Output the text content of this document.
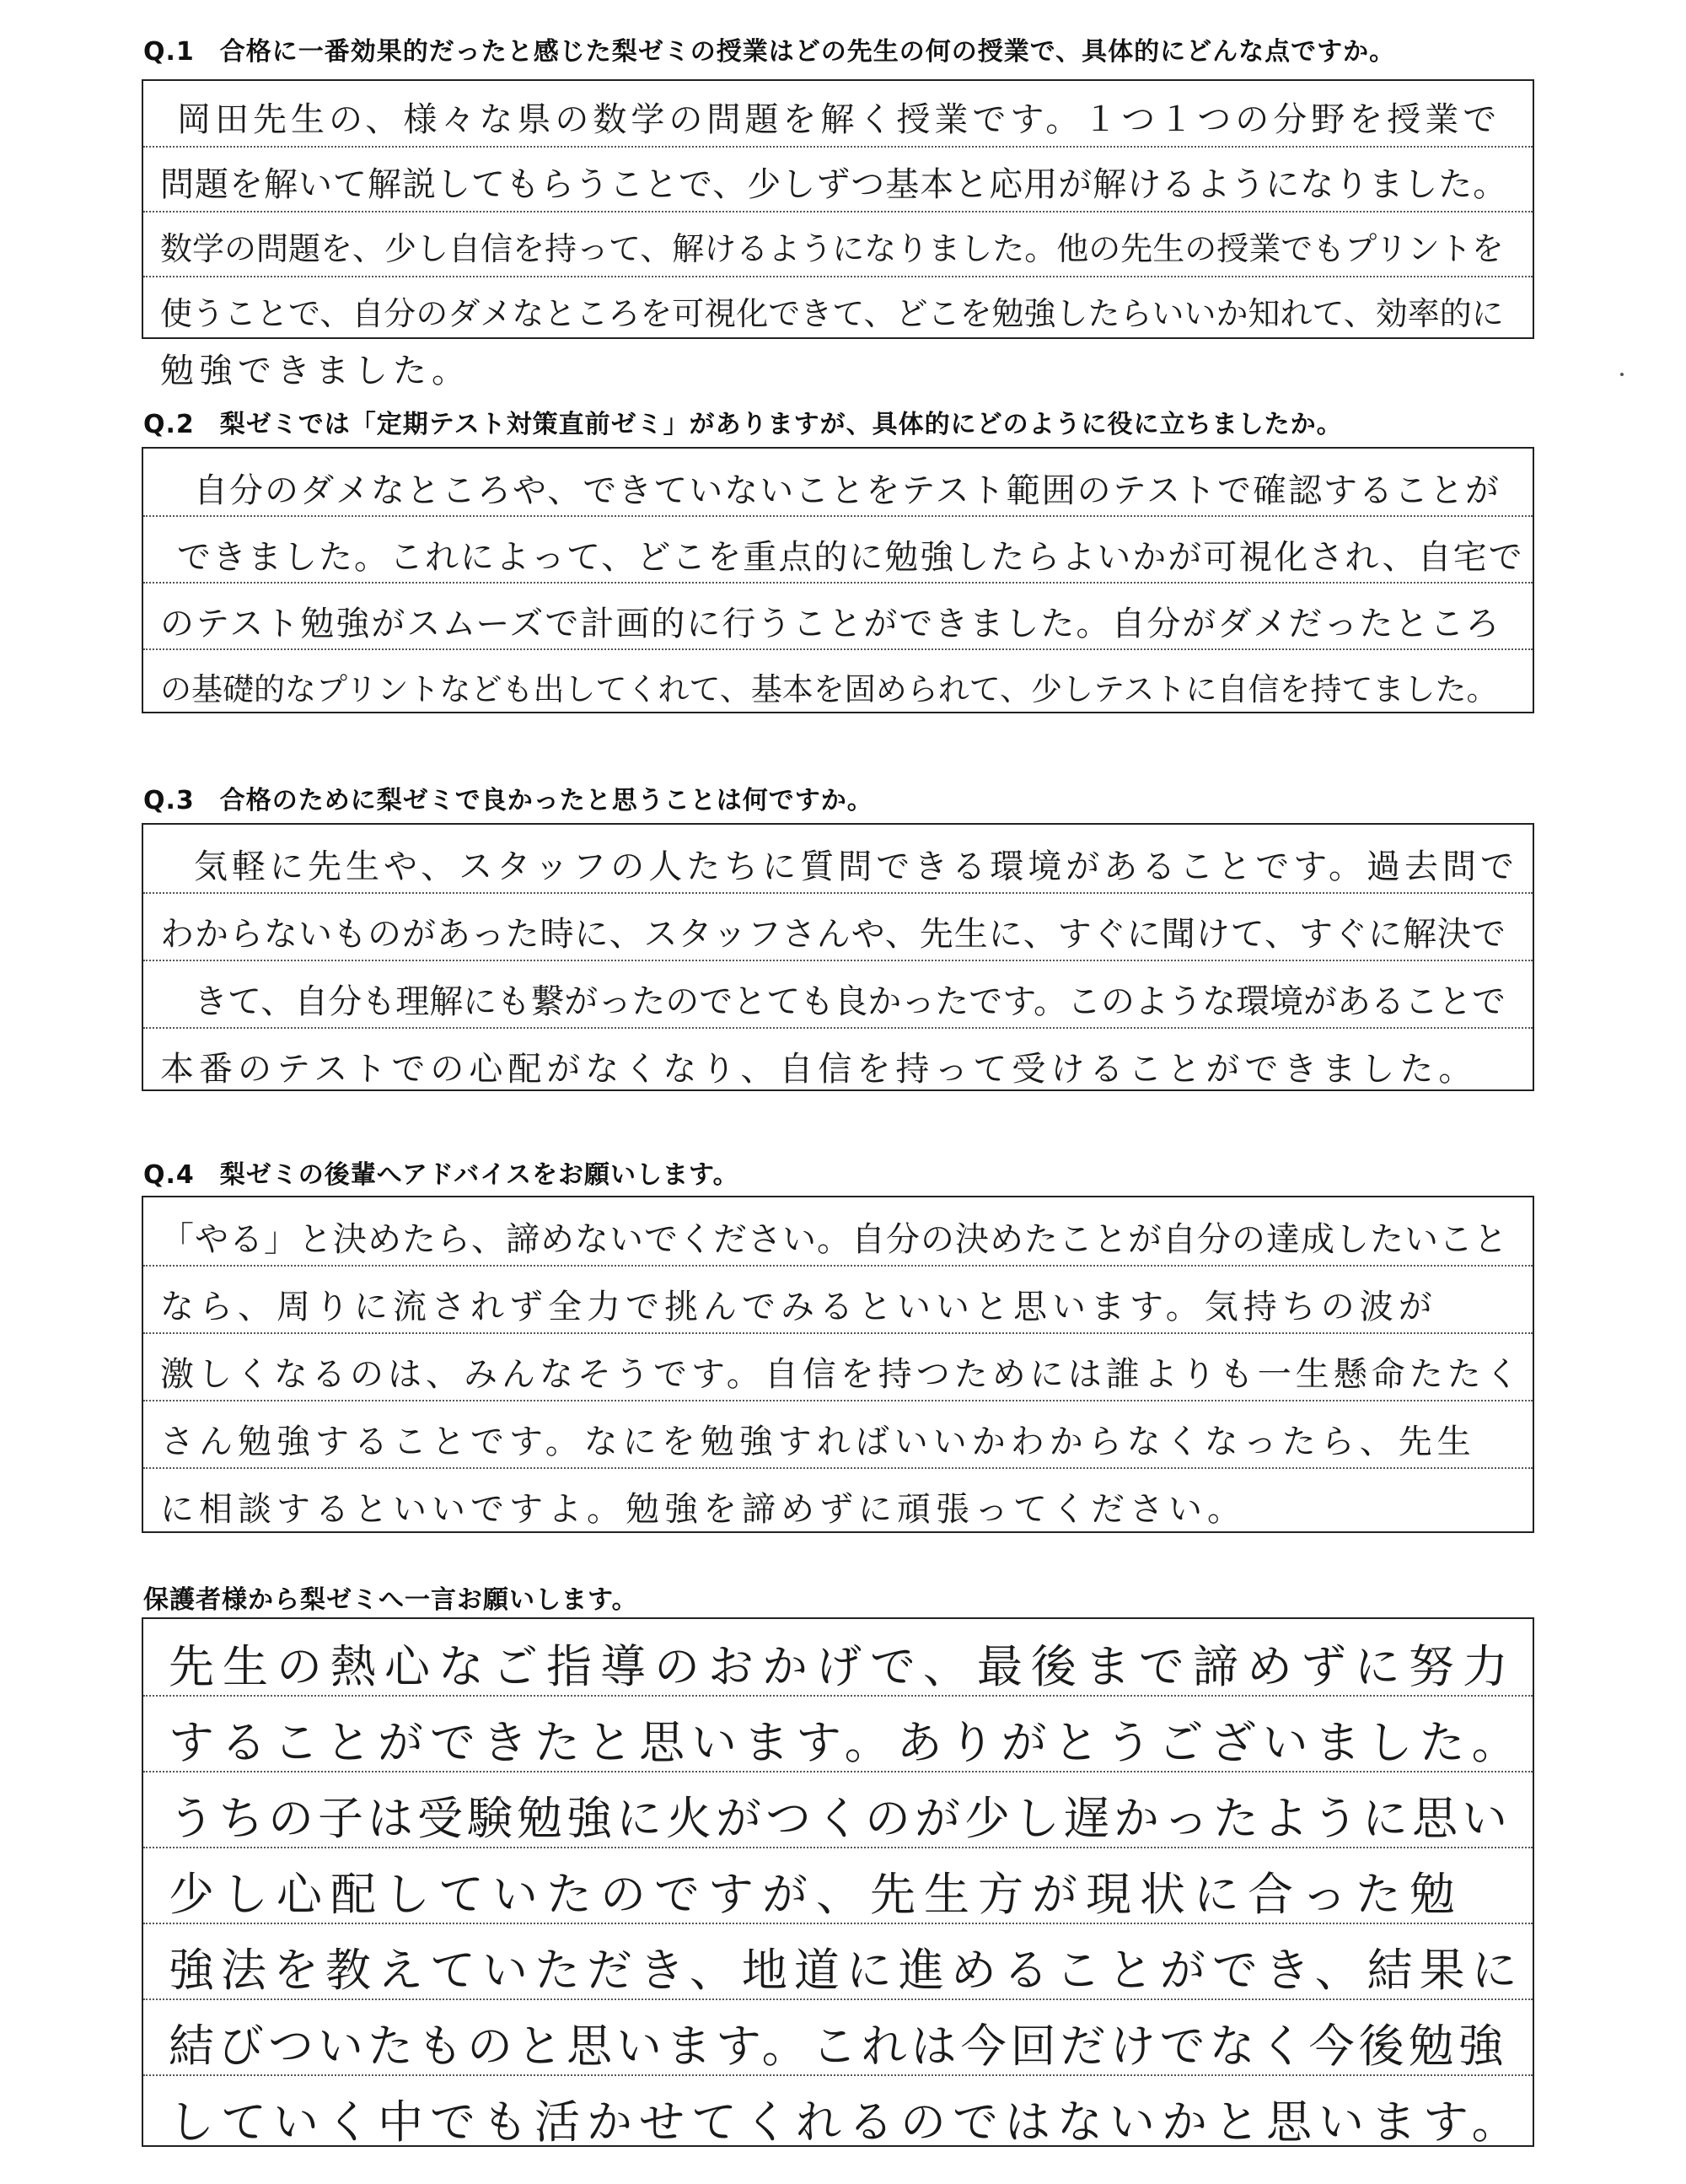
Q.1 合格に一番効果的だったと感じた梨ゼミの授業はどの先生の何の授業で、具体的にどんな点ですか。
岡田先生の、様々な県の数学の問題を解く授業です。１つ１つの分野を授業で
問題を解いて解説してもらうことで、少しずつ基本と応用が解けるようになりました。
数学の問題を、少し自信を持って、解けるようになりました。他の先生の授業でもプリントを
使うことで、自分のダメなところを可視化できて、どこを勉強したらいいか知れて、効率的に
勉強できました。
Q.2 梨ゼミでは「定期テスト対策直前ゼミ」がありますが、具体的にどのように役に立ちましたか。
自分のダメなところや、できていないことをテスト範囲のテストで確認することが
できました。これによって、どこを重点的に勉強したらよいかが可視化され、自宅で
のテスト勉強がスムーズで計画的に行うことができました。自分がダメだったところ
の基礎的なプリントなども出してくれて、基本を固められて、少しテストに自信を持てました。
Q.3 合格のために梨ゼミで良かったと思うことは何ですか。
気軽に先生や、スタッフの人たちに質問できる環境があることです。過去問で
わからないものがあった時に、スタッフさんや、先生に、すぐに聞けて、すぐに解決で
きて、自分も理解にも繋がったのでとても良かったです。このような環境があることで
本番のテストでの心配がなくなり、自信を持って受けることができました。
Q.4 梨ゼミの後輩へアドバイスをお願いします。
「やる」と決めたら、諦めないでください。自分の決めたことが自分の達成したいこと
なら、周りに流されず全力で挑んでみるといいと思います。気持ちの波が
激しくなるのは、みんなそうです。自信を持つためには誰よりも一生懸命たたく
さん勉強することです。なにを勉強すればいいかわからなくなったら、先生
に相談するといいですよ。勉強を諦めずに頑張ってください。
保護者様から梨ゼミへ一言お願いします。
先生の熱心なご指導のおかげで、最後まで諦めずに努力
することができたと思います。ありがとうございました。
うちの子は受験勉強に火がつくのが少し遅かったように思い
少し心配していたのですが、先生方が現状に合った勉
強法を教えていただき、地道に進めることができ、結果に
結びついたものと思います。これは今回だけでなく今後勉強
していく中でも活かせてくれるのではないかと思います。
